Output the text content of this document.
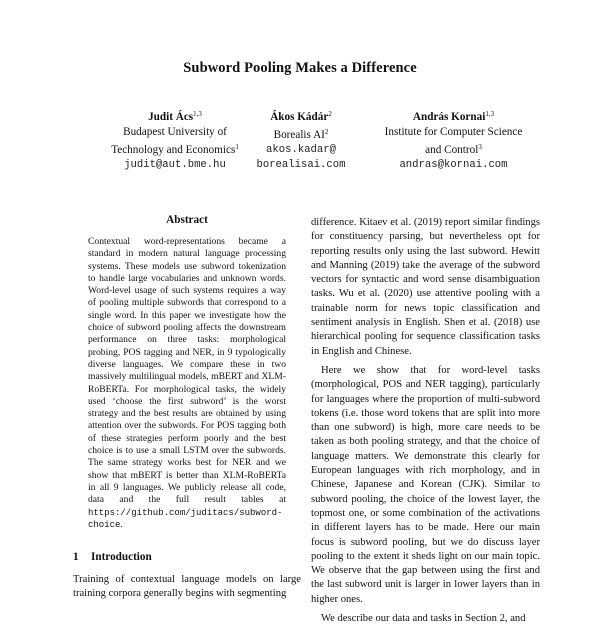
Subword Pooling Makes a Difference
Judit Ács$^{1,3}$
Budapest University of
Technology and Economics$^1$
judit@aut.bme.hu
Ákos Kádár$^2$
Borealis $AI^2$
akos.kadar@
borealisai.com
András Kornai$^{1,3}$
Institute for Computer Science
and Control$^3$
andras@kornai.com
Abstract
Contextual word-representations became a standard in modern natural language processing systems. These models use subword tokenization to handle large vocabularies and unknown words. Word-level usage of such systems requires a way of pooling multiple subwords that correspond to a single word. In this paper we investigate how the choice of subword pooling affects the downstream performance on three tasks: morphological probing, POS tagging and NER, in 9 typologically diverse languages. We compare these in two massively multilingual models, mBERT and XLM-RoBERTa. For morphological tasks, the widely used ‘choose the first subword’ is the worst strategy and the best results are obtained by using attention over the subwords. For POS tagging both of these strategies perform poorly and the best choice is to use a small LSTM over the subwords. The same strategy works best for NER and we show that mBERT is better than XLM-RoBERTa in all 9 languages. We publicly release all code, data and the full result tables at https://github.com/juditacs/subword-choice.
1 Introduction
Training of contextual language models on large training corpora generally begins with segmenting

difference. Kitaev et al. (2019) report similar findings for constituency parsing, but nevertheless opt for reporting results only using the last subword. Hewitt and Manning (2019) take the average of the subword vectors for syntactic and word sense disambiguation tasks. Wu et al. (2020) use attentive pooling with a trainable norm for news topic classification and sentiment analysis in English. Shen et al. (2018) use hierarchical pooling for sequence classification tasks in English and Chinese.

Here we show that for word-level tasks (morphological, POS and NER tagging), particularly for languages where the proportion of multi-subword tokens (i.e. those word tokens that are split into more than one subword) is high, more care needs to be taken as both pooling strategy, and that the choice of language matters. We demonstrate this clearly for European languages with rich morphology, and in Chinese, Japanese and Korean (CJK). Similar to subword pooling, the choice of the lowest layer, the topmost one, or some combination of the activations in different layers has to be made. Here our main focus is subword pooling, but we do discuss layer pooling to the extent it sheds light on our main topic. We observe that the gap between using the first and the last subword unit is larger in lower layers than in higher ones.

We describe our data and tasks in Section 2, and
